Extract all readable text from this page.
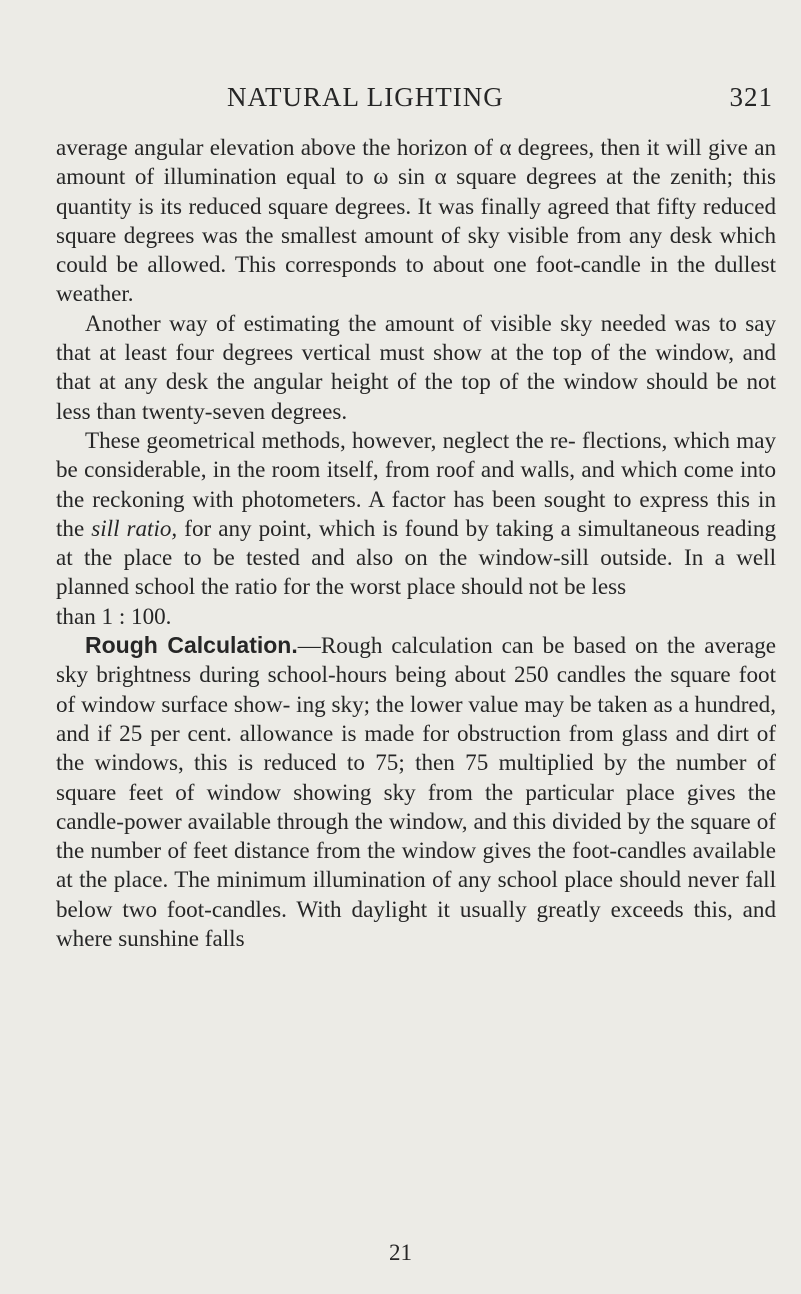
NATURAL LIGHTING	321

average angular elevation above the horizon of α degrees, then it will give an amount of illumination equal to ω sin α square degrees at the zenith; this quantity is its reduced square degrees. It was finally agreed that fifty reduced square degrees was the smallest amount of sky visible from any desk which could be allowed. This corresponds to about one foot-candle in the dullest weather.

Another way of estimating the amount of visible sky needed was to say that at least four degrees vertical must show at the top of the window, and that at any desk the angular height of the top of the window should be not less than twenty-seven degrees.

These geometrical methods, however, neglect the re- flections, which may be considerable, in the room itself, from roof and walls, and which come into the reckoning with photometers. A factor has been sought to express this in the sill ratio, for any point, which is found by taking a simultaneous reading at the place to be tested and also on the window-sill outside. In a well planned school the ratio for the worst place should not be less

than 1 : 100.

Rough Calculation.—Rough calculation can be based on the average sky brightness during school-hours being about 250 candles the square foot of window surface show- ing sky; the lower value may be taken as a hundred, and if 25 per cent. allowance is made for obstruction from glass and dirt of the windows, this is reduced to 75; then 75 multiplied by the number of square feet of window showing sky from the particular place gives the candle-power available through the window, and this divided by the square of the number of feet distance from the window gives the foot-candles available at the place. The minimum illumination of any school place should never fall below two foot-candles. With daylight it usually greatly exceeds this, and where sunshine falls

21
